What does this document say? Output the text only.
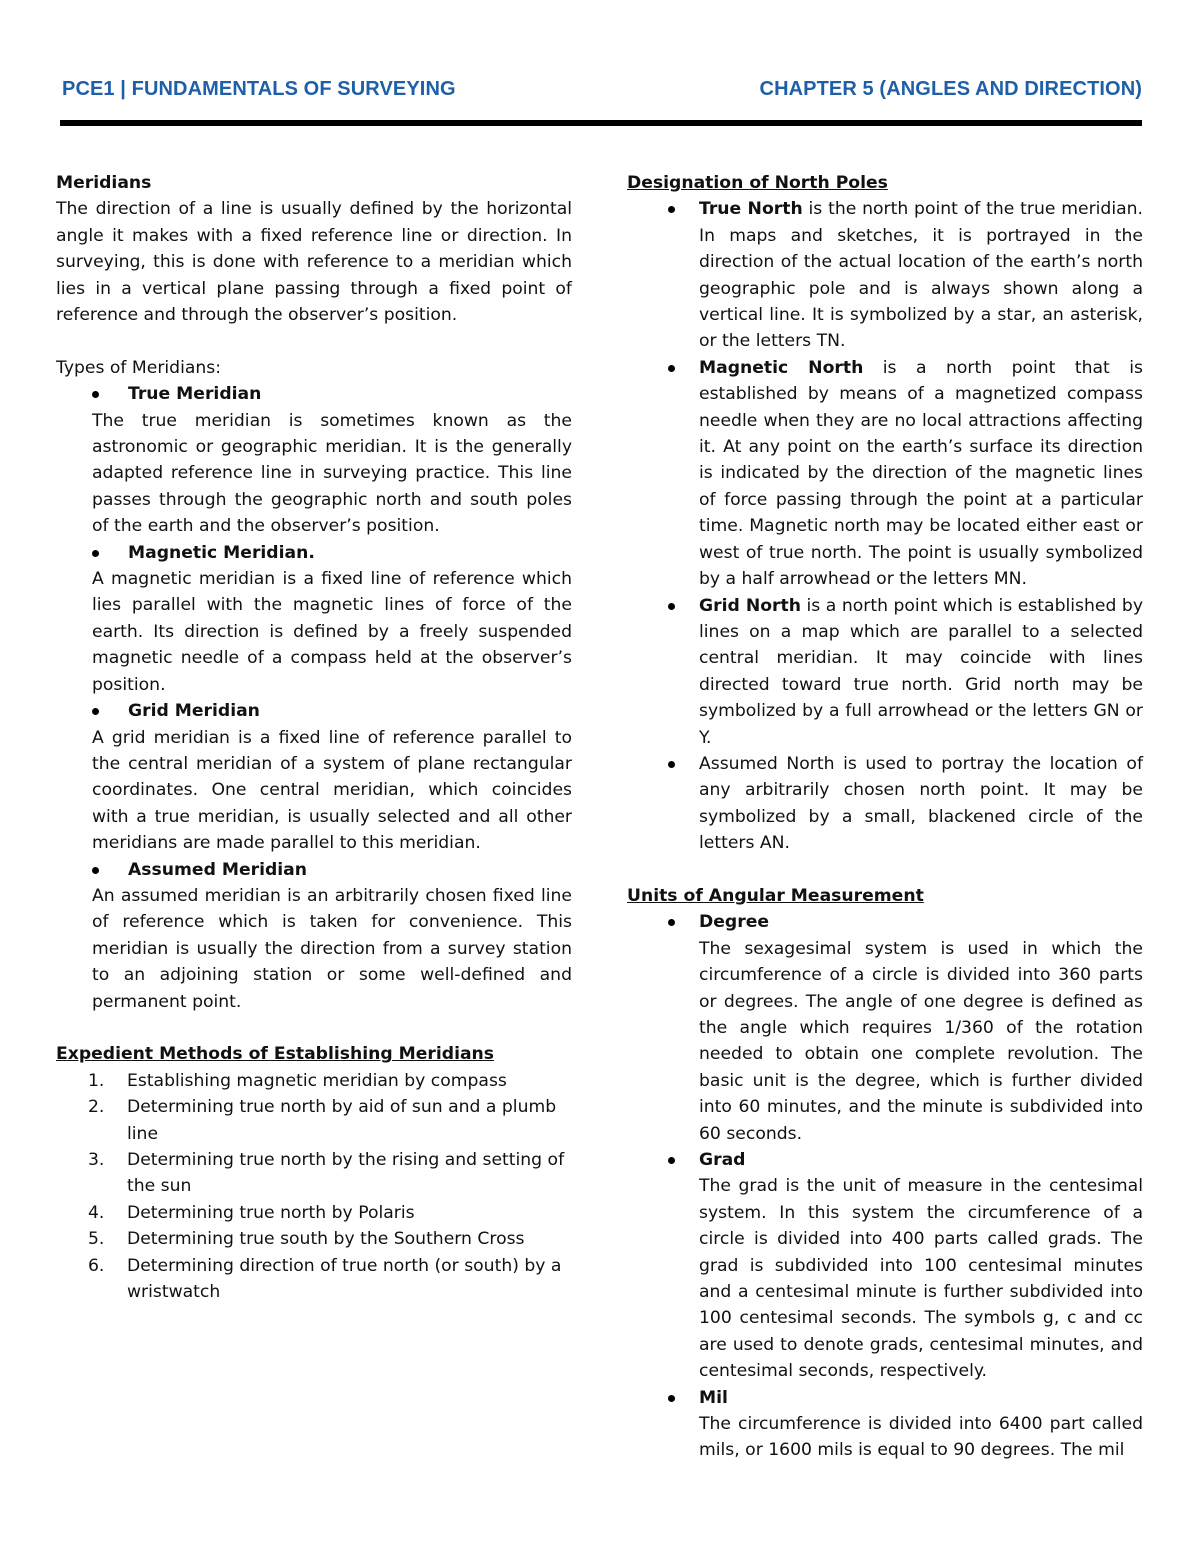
PCE1 | FUNDAMENTALS OF SURVEYING	CHAPTER 5 (ANGLES AND DIRECTION)
Meridians

The direction of a line is usually defined by the horizontal angle it makes with a fixed reference line or direction. In surveying, this is done with reference to a meridian which lies in a vertical plane passing through a fixed point of reference and through the observer’s position.

Types of Meridians:
True Meridian

The true meridian is sometimes known as the astronomic or geographic meridian. It is the generally adapted reference line in surveying practice. This line passes through the geographic north and south poles of the earth and the observer’s position.

Magnetic Meridian.

A magnetic meridian is a fixed line of reference which lies parallel with the magnetic lines of force of the earth. Its direction is defined by a freely suspended magnetic needle of a compass held at the observer’s position.

Grid Meridian

A grid meridian is a fixed line of reference parallel to the central meridian of a system of plane rectangular coordinates. One central meridian, which coincides with a true meridian, is usually selected and all other meridians are made parallel to this meridian.

Assumed Meridian

An assumed meridian is an arbitrarily chosen fixed line of reference which is taken for convenience. This meridian is usually the direction from a survey station to an adjoining station or some well-defined and permanent point.

Expedient Methods of Establishing Meridians
1. Establishing magnetic meridian by compass
2. Determining true north by aid of sun and a plumb line
3. Determining true north by the rising and setting of the sun
4. Determining true north by Polaris
5. Determining true south by the Southern Cross
6. Determining direction of true north (or south) by a wristwatch
Designation of North Poles
True North is the north point of the true meridian. In maps and sketches, it is portrayed in the direction of the actual location of the earth’s north geographic pole and is always shown along a vertical line. It is symbolized by a star, an asterisk, or the letters TN.
Magnetic North is a north point that is established by means of a magnetized compass needle when they are no local attractions affecting it. At any point on the earth’s surface its direction is indicated by the direction of the magnetic lines of force passing through the point at a particular time. Magnetic north may be located either east or west of true north. The point is usually symbolized by a half arrowhead or the letters MN.
Grid North is a north point which is established by lines on a map which are parallel to a selected central meridian. It may coincide with lines directed toward true north. Grid north may be symbolized by a full arrowhead or the letters GN or Y.
Assumed North is used to portray the location of any arbitrarily chosen north point. It may be symbolized by a small, blackened circle of the letters AN.
Units of Angular Measurement
Degree

The sexagesimal system is used in which the circumference of a circle is divided into 360 parts or degrees. The angle of one degree is defined as the angle which requires 1/360 of the rotation needed to obtain one complete revolution. The basic unit is the degree, which is further divided into 60 minutes, and the minute is subdivided into 60 seconds.

Grad

The grad is the unit of measure in the centesimal system. In this system the circumference of a circle is divided into 400 parts called grads. The grad is subdivided into 100 centesimal minutes and a centesimal minute is further subdivided into 100 centesimal seconds. The symbols g, c and cc are used to denote grads, centesimal minutes, and centesimal seconds, respectively.

Mil

The circumference is divided into 6400 part called mils, or 1600 mils is equal to 90 degrees. The mil
